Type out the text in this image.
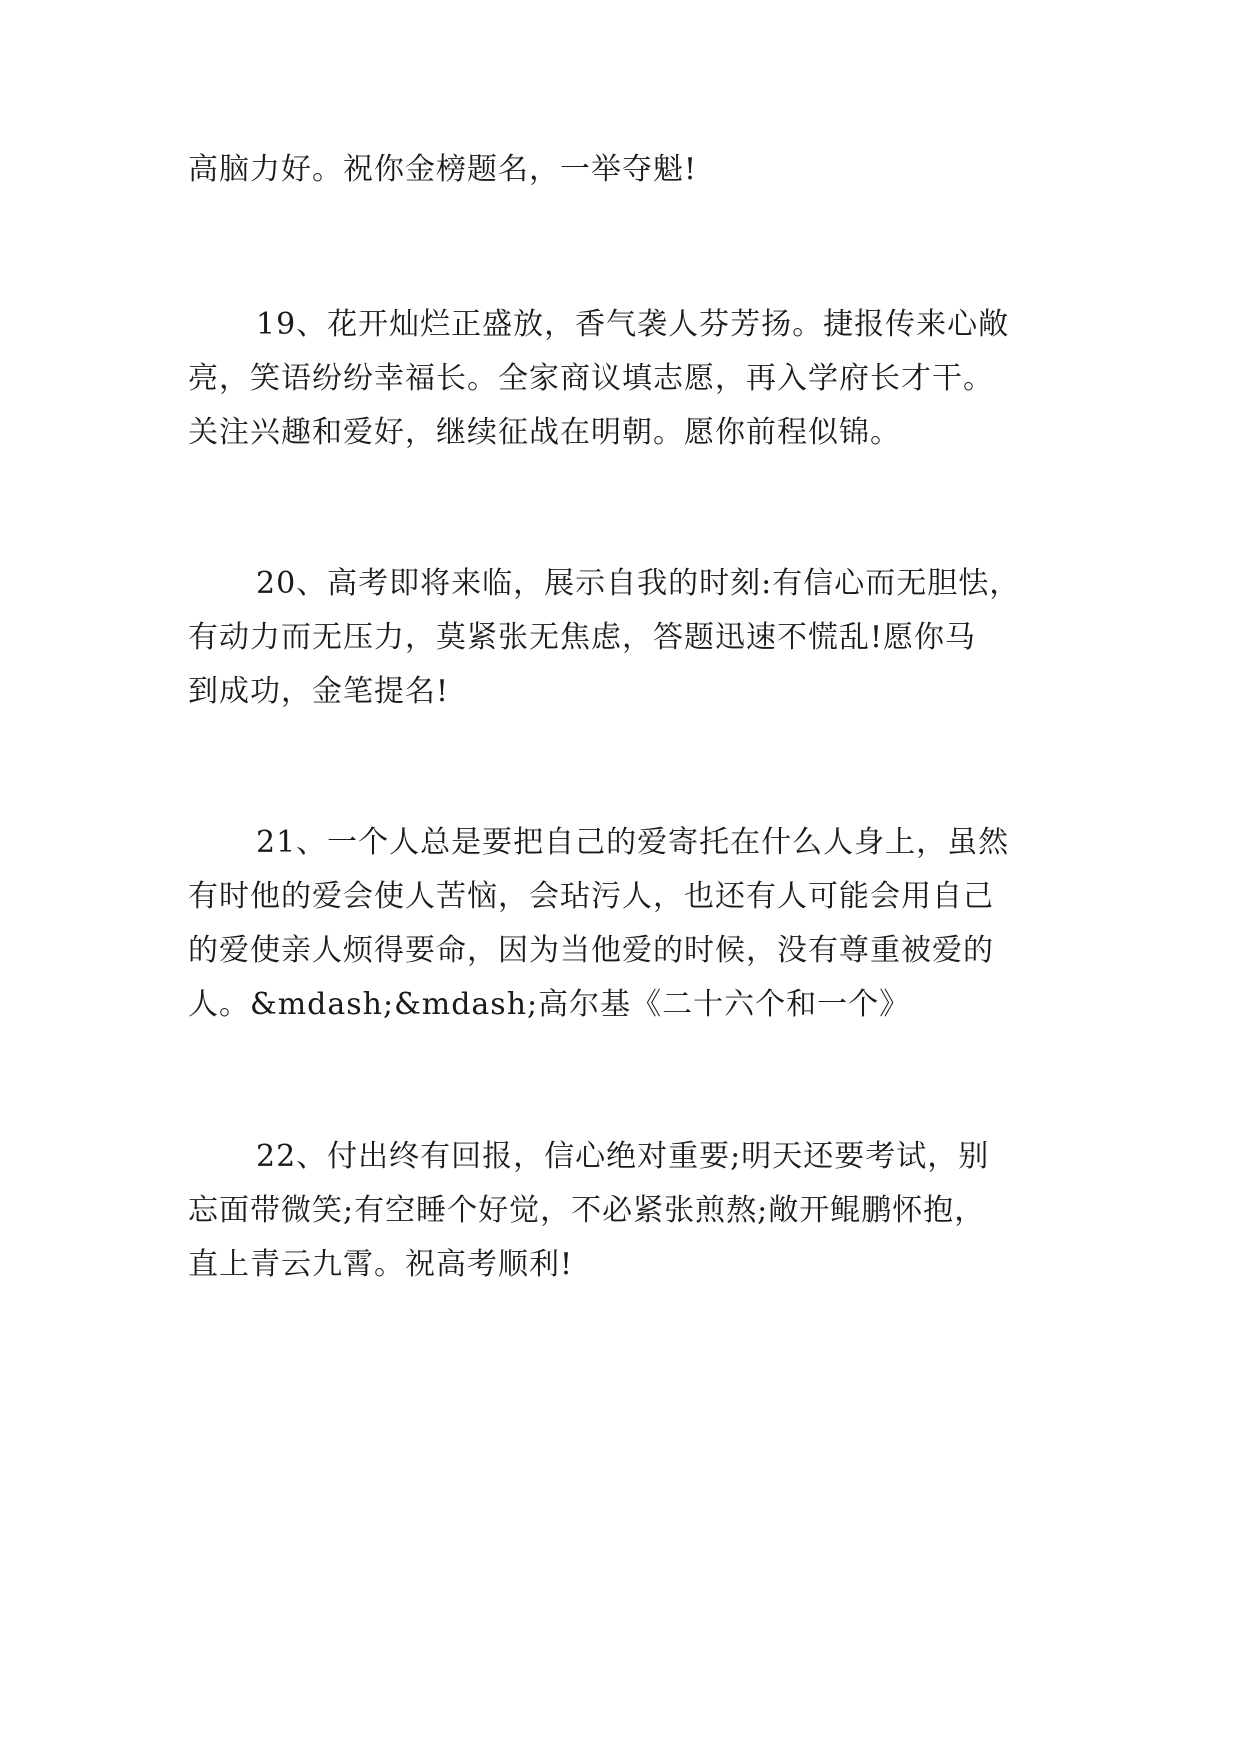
高脑力好。祝你金榜题名，一举夺魁!

19、花开灿烂正盛放，香气袭人芬芳扬。捷报传来心敞
亮，笑语纷纷幸福长。全家商议填志愿，再入学府长才干。
关注兴趣和爱好，继续征战在明朝。愿你前程似锦。

20、高考即将来临，展示自我的时刻:有信心而无胆怯，
有动力而无压力，莫紧张无焦虑，答题迅速不慌乱!愿你马
到成功，金笔提名!

21、一个人总是要把自己的爱寄托在什么人身上，虽然
有时他的爱会使人苦恼，会玷污人，也还有人可能会用自己
的爱使亲人烦得要命，因为当他爱的时候，没有尊重被爱的
人。&mdash;&mdash;高尔基《二十六个和一个》

22、付出终有回报，信心绝对重要;明天还要考试，别
忘面带微笑;有空睡个好觉，不必紧张煎熬;敞开鲲鹏怀抱，
直上青云九霄。祝高考顺利!
